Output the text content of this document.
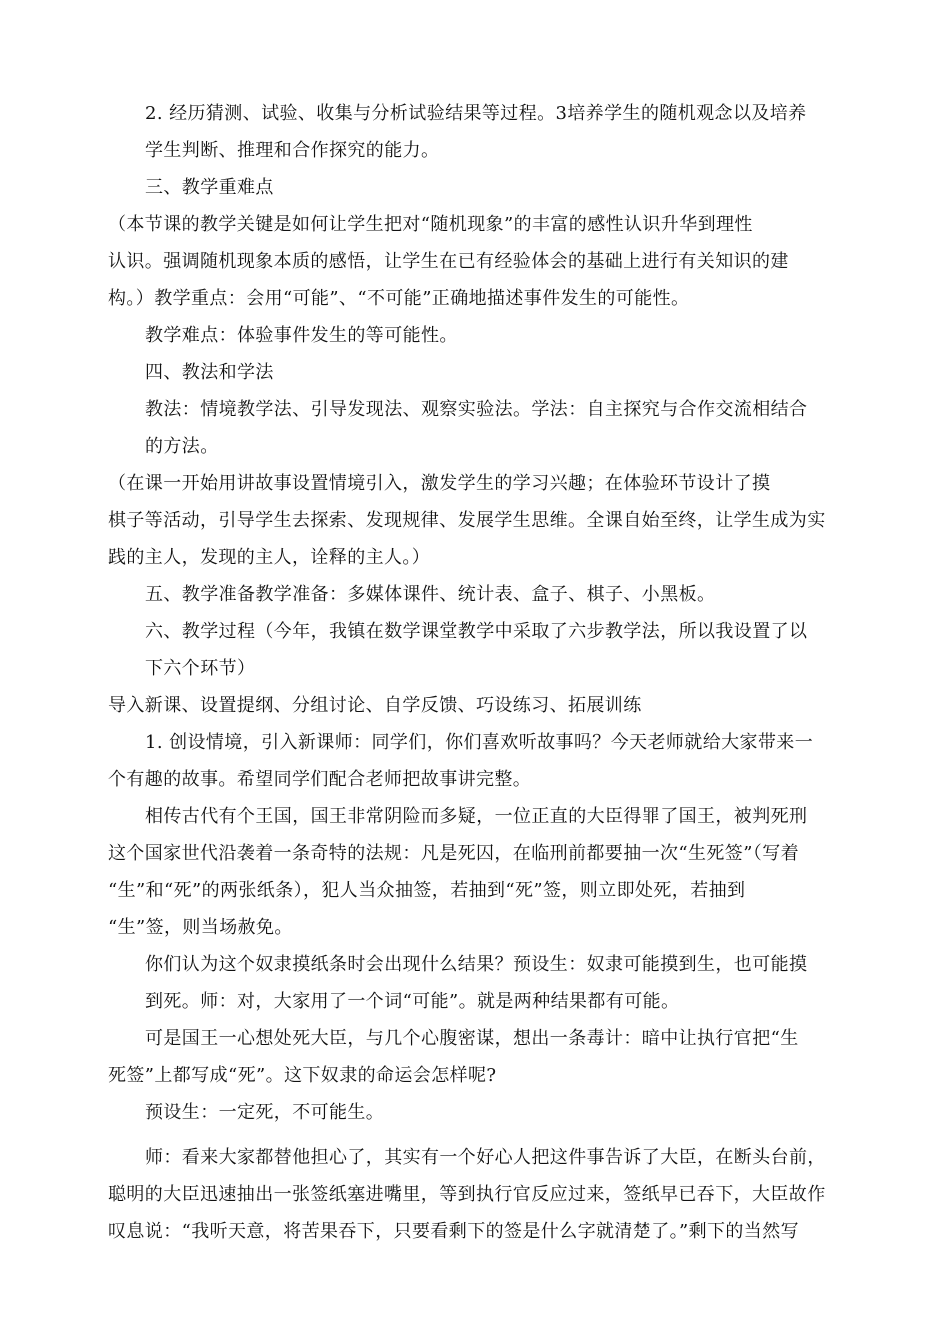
2. 经历猜测、试验、收集与分析试验结果等过程。3培养学生的随机观念以及培养
学生判断、推理和合作探究的能力。
三、教学重难点
（本节课的教学关键是如何让学生把对“随机现象”的丰富的感性认识升华到理性
认识。强调随机现象本质的感悟，让学生在已有经验体会的基础上进行有关知识的建
构。）教学重点：会用“可能”、“不可能”正确地描述事件发生的可能性。
教学难点：体验事件发生的等可能性。
四、教法和学法
教法：情境教学法、引导发现法、观察实验法。学法：自主探究与合作交流相结合
的方法。
（在课一开始用讲故事设置情境引入，激发学生的学习兴趣；在体验环节设计了摸
棋子等活动，引导学生去探索、发现规律、发展学生思维。全课自始至终，让学生成为实
践的主人，发现的主人，诠释的主人。）
五、教学准备教学准备：多媒体课件、统计表、盒子、棋子、小黑板。
六、教学过程（今年，我镇在数学课堂教学中采取了六步教学法，所以我设置了以
下六个环节）
导入新课、设置提纲、分组讨论、自学反馈、巧设练习、拓展训练
1. 创设情境，引入新课师：同学们，你们喜欢听故事吗？今天老师就给大家带来一
个有趣的故事。希望同学们配合老师把故事讲完整。
相传古代有个王国，国王非常阴险而多疑，一位正直的大臣得罪了国王，被判死刑
这个国家世代沿袭着一条奇特的法规：凡是死囚，在临刑前都要抽一次“生死签”（写着
“生”和“死”的两张纸条），犯人当众抽签，若抽到“死”签，则立即处死，若抽到
“生”签，则当场赦免。
你们认为这个奴隶摸纸条时会出现什么结果？预设生：奴隶可能摸到生，也可能摸
到死。师：对，大家用了一个词“可能”。就是两种结果都有可能。
可是国王一心想处死大臣，与几个心腹密谋，想出一条毒计：暗中让执行官把“生
死签”上都写成“死”。这下奴隶的命运会怎样呢?
预设生：一定死，不可能生。
师：看来大家都替他担心了，其实有一个好心人把这件事告诉了大臣，在断头台前，
聪明的大臣迅速抽出一张签纸塞进嘴里，等到执行官反应过来，签纸早已吞下，大臣故作
叹息说：“我听天意，将苦果吞下，只要看剩下的签是什么字就清楚了。”剩下的当然写
